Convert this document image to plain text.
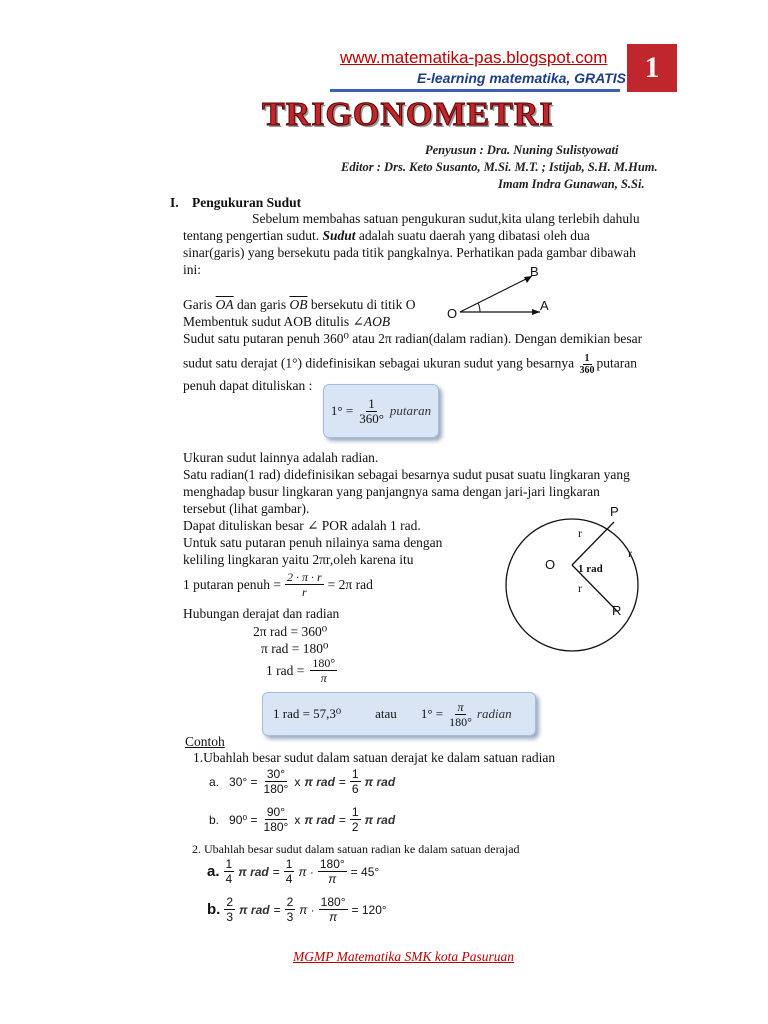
www.matematika-pas.blogspot.com
E-learning matematika, GRATIS 1
TRIGONOMETRI
Penyusun : Dra. Nuning Sulistyowati
Editor : Drs. Keto Susanto, M.Si. M.T. ; Istijab, S.H. M.Hum.
Imam Indra Gunawan, S.Si.
I. Pengukuran Sudut
Sebelum membahas satuan pengukuran sudut,kita ulang terlebih dahulu
tentang pengertian sudut. Sudut adalah suatu daerah yang dibatasi oleh dua
sinar(garis) yang bersekutu pada titik pangkalnya. Perhatikan pada gambar dibawah
ini:	B
A
O
Garis $\overline{OA}$ dan garis $\overline{OB}$ bersekutu di titik O
Membentuk sudut AOB ditulis ∠AOB
Sudut satu putaran penuh 360⁰ atau 2π radian(dalam radian). Dengan demikian besar
sudut satu derajat (1°) didefinisikan sebagai ukuran sudut yang besarnya $\frac{1}{360}$ putaran
penuh dapat dituliskan :
$1^\circ = \frac{1}{360^\circ}$ putaran
Ukuran sudut lainnya adalah radian.
Satu radian(1 rad) didefinisikan sebagai besarnya sudut pusat suatu lingkaran yang
menghadap busur lingkaran yang panjangnya sama dengan jari-jari lingkaran
tersebut (lihat gambar).
Dapat dituliskan besar ∠ POR adalah 1 rad.
Untuk satu putaran penuh nilainya sama dengan
keliling lingkaran yaitu 2πr,oleh karena itu
P
O
R
r
r
r
1 rad
1 putaran penuh = $\frac{2 \cdot \pi \cdot r}{r} = 2\pi$ rad
Hubungan derajat dan radian
2π rad = 360⁰
π rad = 180⁰
1 rad = $\frac{180^\circ}{\pi}$
1 rad = 57,3⁰	atau $1^\circ = \frac{\pi}{180^\circ}$ radian
Contoh
1.Ubahlah besar sudut dalam satuan derajat ke dalam satuan radian
a. $30^\circ = \frac{30^\circ}{180^\circ}$ x π rad = $\frac{1}{6}$ π rad
b. $90^0 = \frac{90^\circ}{180^\circ}$ x π rad = $\frac{1}{2}$ π rad
2. Ubahlah besar sudut dalam satuan radian ke dalam satuan derajad
a. $\frac{1}{4}$ π rad = $\frac{1}{4}$ $\pi \cdot \frac{180^\circ}{\pi} = 45^\circ$
b. $\frac{2}{3}$ π rad = $\frac{2}{3}$ $\pi \cdot \frac{180^\circ}{\pi} = 120^\circ$
MGMP Matematika SMK kota Pasuruan
